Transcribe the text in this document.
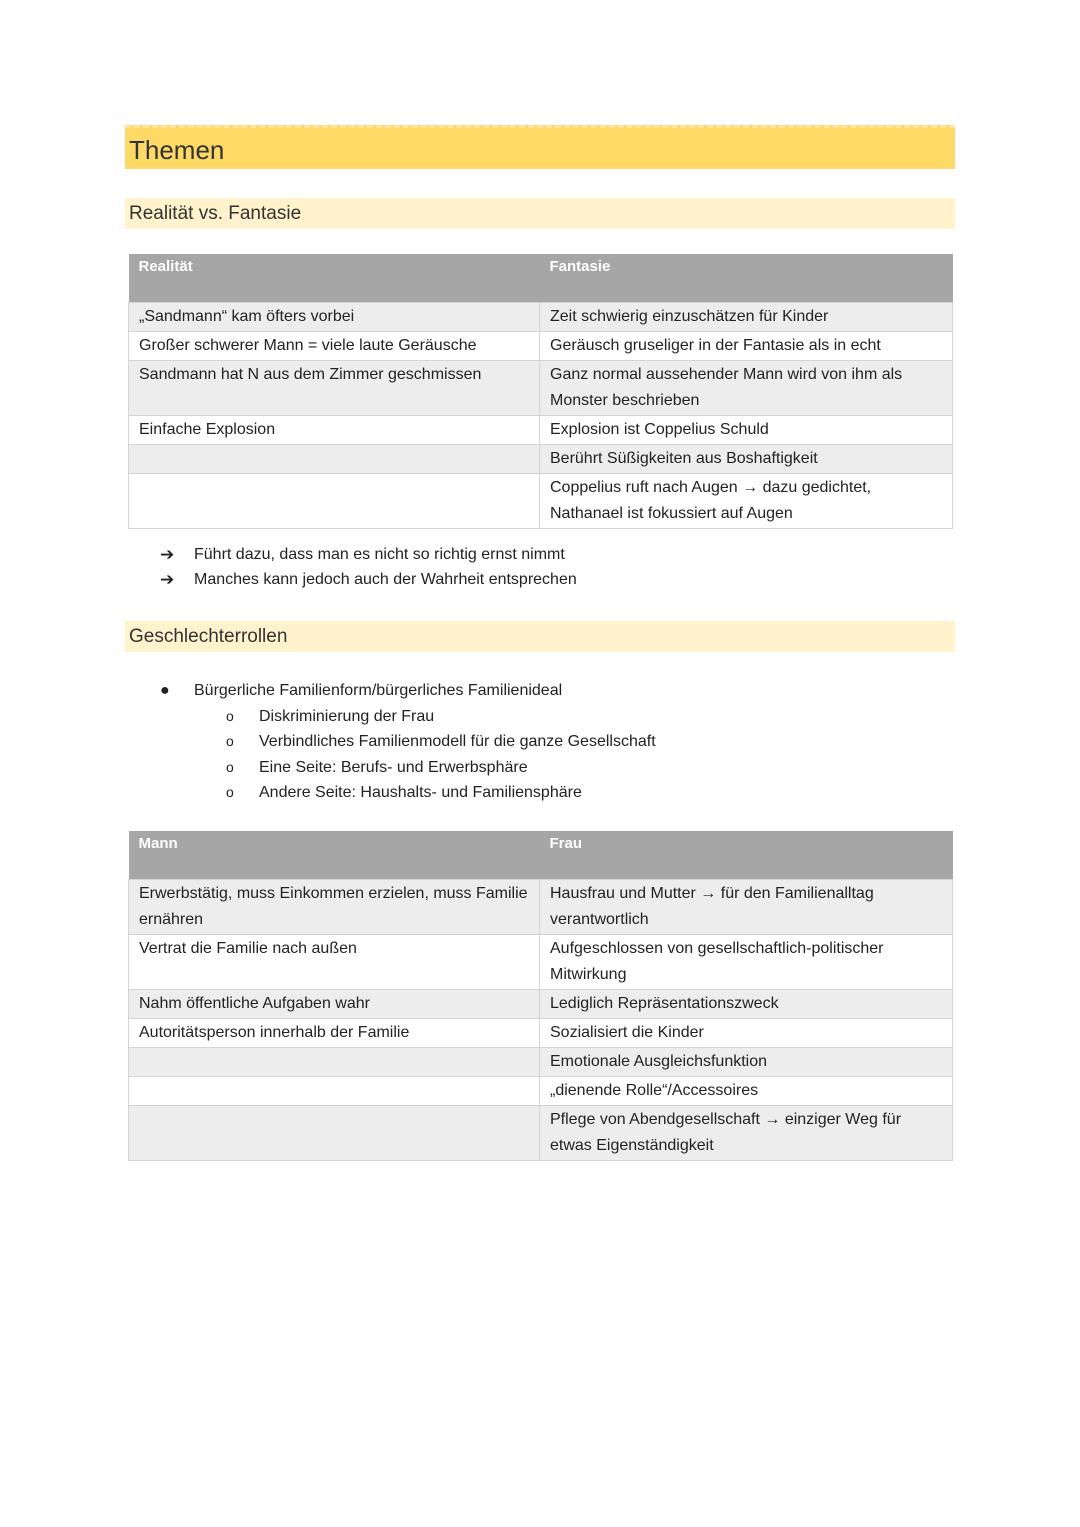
Themen
Realität vs. Fantasie
Realität	Fantasie
„Sandmann“ kam öfters vorbei	Zeit schwierig einzuschätzen für Kinder
Großer schwerer Mann = viele laute Geräusche	Geräusch gruseliger in der Fantasie als in echt
Sandmann hat N aus dem Zimmer geschmissen	Ganz normal aussehender Mann wird von ihm als Monster beschrieben
Einfache Explosion	Explosion ist Coppelius Schuld
	Berührt Süßigkeiten aus Boshaftigkeit
	Coppelius ruft nach Augen → dazu gedichtet, Nathanael ist fokussiert auf Augen
➔	Führt dazu, dass man es nicht so richtig ernst nimmt
➔	Manches kann jedoch auch der Wahrheit entsprechen
Geschlechterrollen
●	Bürgerliche Familienform/bürgerliches Familienideal
o	Diskriminierung der Frau
o	Verbindliches Familienmodell für die ganze Gesellschaft
o	Eine Seite: Berufs- und Erwerbsphäre
o	Andere Seite: Haushalts- und Familiensphäre
Mann	Frau
Erwerbstätig, muss Einkommen erzielen, muss Familie ernähren	Hausfrau und Mutter → für den Familienalltag verantwortlich
Vertrat die Familie nach außen	Aufgeschlossen von gesellschaftlich-politischer Mitwirkung
Nahm öffentliche Aufgaben wahr	Lediglich Repräsentationszweck
Autoritätsperson innerhalb der Familie	Sozialisiert die Kinder
	Emotionale Ausgleichsfunktion
	„dienende Rolle“/Accessoires
	Pflege von Abendgesellschaft → einziger Weg für etwas Eigenständigkeit
